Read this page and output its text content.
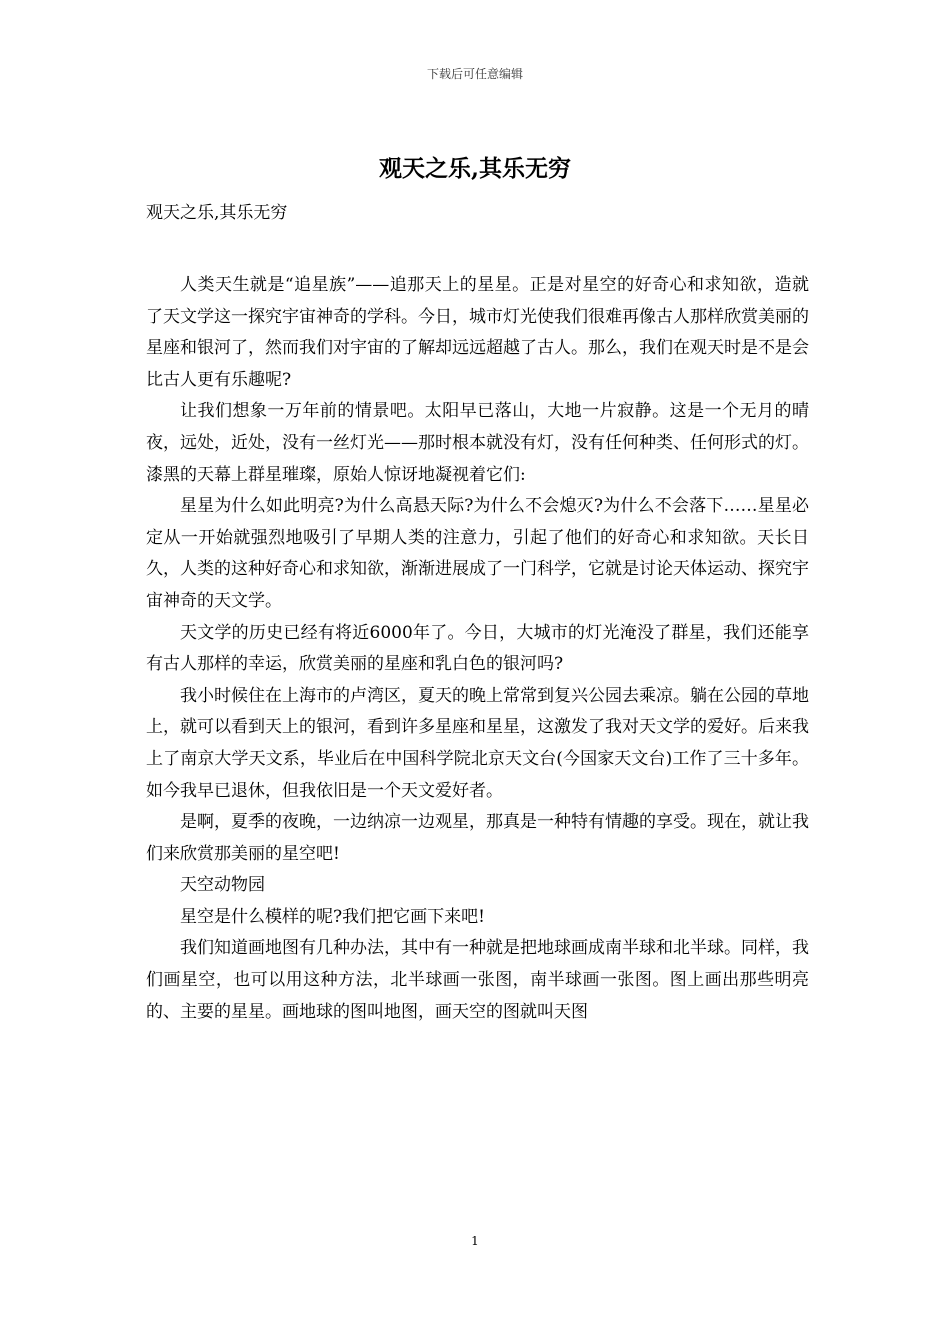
下载后可任意编辑
观天之乐,其乐无穷
观天之乐,其乐无穷

人类天生就是“追星族”——追那天上的星星。正是对星空的好奇心和求知欲，造就了天文学这一探究宇宙神奇的学科。今日，城市灯光使我们很难再像古人那样欣赏美丽的星座和银河了，然而我们对宇宙的了解却远远超越了古人。那么，我们在观天时是不是会比古人更有乐趣呢?

让我们想象一万年前的情景吧。太阳早已落山，大地一片寂静。这是一个无月的晴夜，远处，近处，没有一丝灯光——那时根本就没有灯，没有任何种类、任何形式的灯。漆黑的天幕上群星璀璨，原始人惊讶地凝视着它们:

星星为什么如此明亮?为什么高悬天际?为什么不会熄灭?为什么不会落下……星星必定从一开始就强烈地吸引了早期人类的注意力，引起了他们的好奇心和求知欲。天长日久，人类的这种好奇心和求知欲，渐渐进展成了一门科学，它就是讨论天体运动、探究宇宙神奇的天文学。

天文学的历史已经有将近6000年了。今日，大城市的灯光淹没了群星，我们还能享有古人那样的幸运，欣赏美丽的星座和乳白色的银河吗?

我小时候住在上海市的卢湾区，夏天的晚上常常到复兴公园去乘凉。躺在公园的草地上，就可以看到天上的银河，看到许多星座和星星，这激发了我对天文学的爱好。后来我上了南京大学天文系，毕业后在中国科学院北京天文台(今国家天文台)工作了三十多年。如今我早已退休，但我依旧是一个天文爱好者。

是啊，夏季的夜晚，一边纳凉一边观星，那真是一种特有情趣的享受。现在，就让我们来欣赏那美丽的星空吧!

天空动物园

星空是什么模样的呢?我们把它画下来吧!

我们知道画地图有几种办法，其中有一种就是把地球画成南半球和北半球。同样，我们画星空，也可以用这种方法，北半球画一张图，南半球画一张图。图上画出那些明亮的、主要的星星。画地球的图叫地图，画天空的图就叫天图

1
